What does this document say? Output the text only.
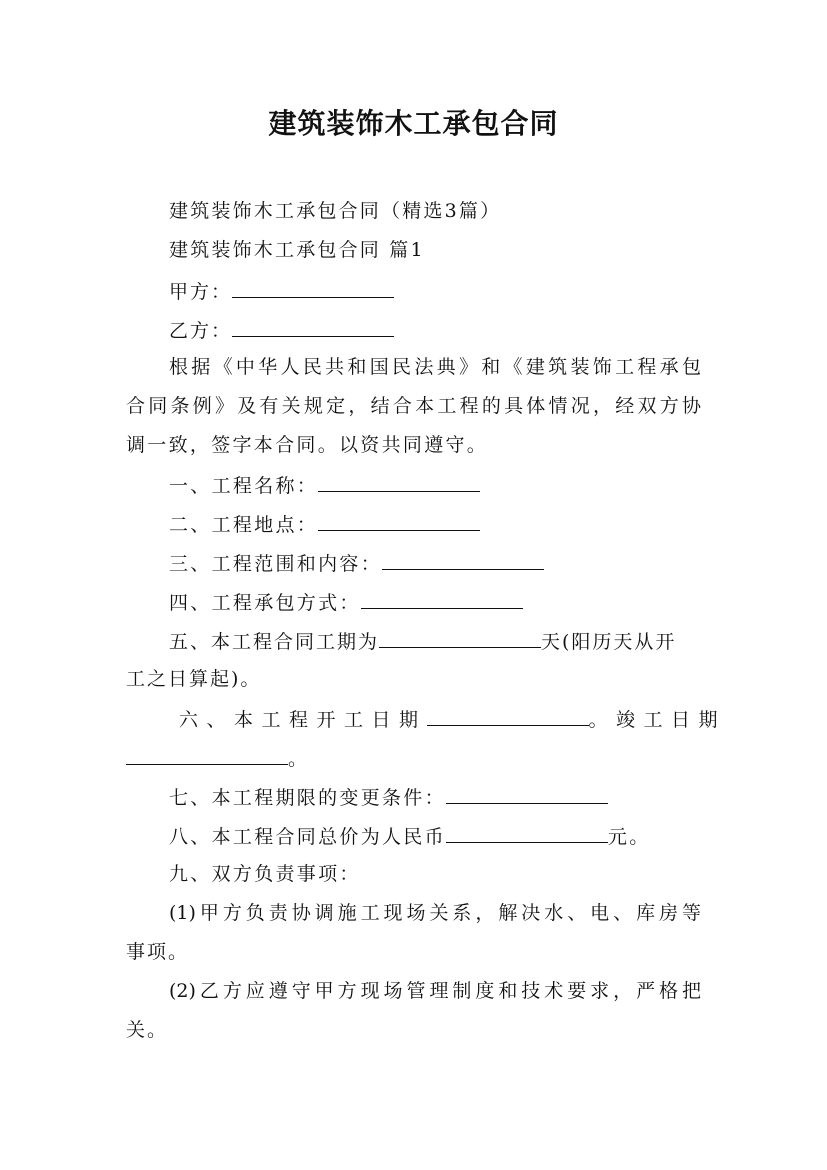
建筑装饰木工承包合同

建筑装饰木工承包合同（精选3篇）

建筑装饰木工承包合同 篇1

甲方：

乙方：

根据《中华人民共和国民法典》和《建筑装饰工程承包

合同条例》及有关规定，结合本工程的具体情况，经双方协

调一致，签字本合同。以资共同遵守。

一、工程名称：

二、工程地点：

三、工程范围和内容：

四、工程承包方式：

五、本工程合同工期为	天(阳历天从开

工之日算起)。

六、本工程开工日期	。竣工日期

。

七、本工程期限的变更条件：

八、本工程合同总价为人民币	元。

九、双方负责事项：

(1)甲方负责协调施工现场关系，解决水、电、库房等

事项。

(2)乙方应遵守甲方现场管理制度和技术要求，严格把

关。
